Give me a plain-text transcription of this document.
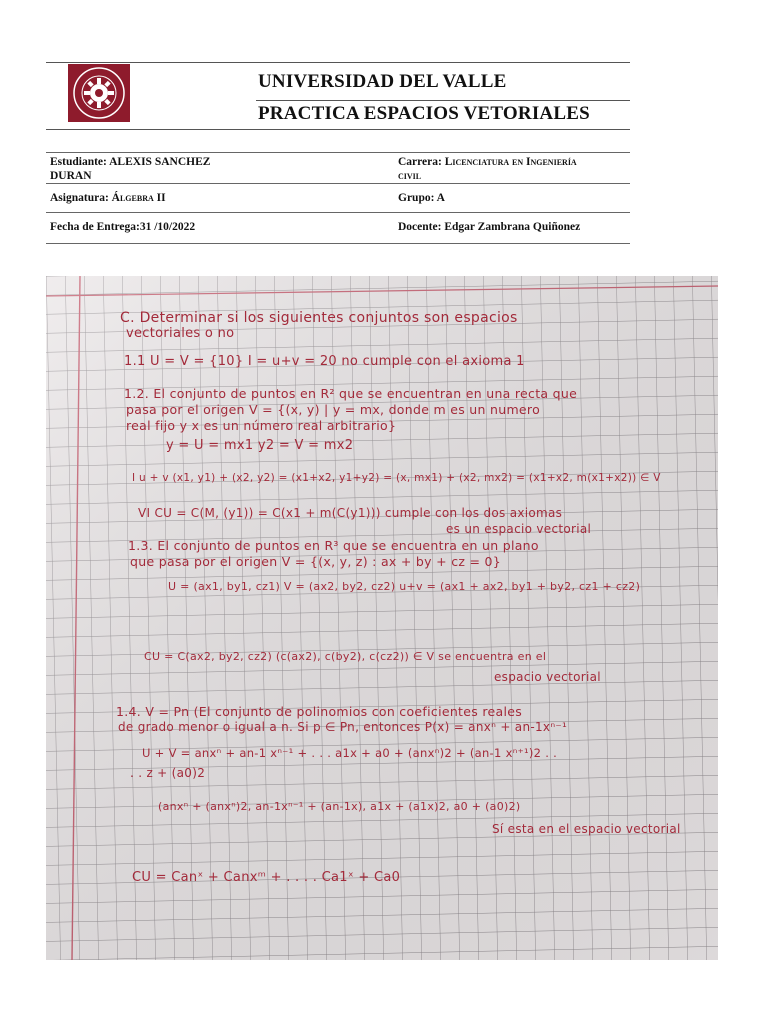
UNIVERSIDAD DEL VALLE
PRACTICA ESPACIOS VETORIALES
Estudiante: ALEXIS SANCHEZ DURAN
Carrera: Licenciatura en Ingeniería civil
Asignatura: Álgebra II	Grupo: A
Fecha de Entrega:31 /10/2022	Docente: Edgar Zambrana Quiñonez
C. Determinar si los siguientes conjuntos son espacios
vectoriales o no
1.1 U = V = {10} I = u+v = 20 no cumple con el axioma 1
1.2. El conjunto de puntos en R² que se encuentran en una recta que
pasa por el origen V = {(x, y) | y = mx, donde m es un numero
real fijo y x es un número real arbitrario}
y = U = mx1 y2 = V = mx2
I u + v (x1, y1) + (x2, y2) = (x1+x2, y1+y2) = (x, mx1) + (x2, mx2) = (x1+x2, m(x1+x2)) ∈ V
VI CU = C(M, (y1)) = C(x1 + m(C(y1))) cumple con los dos axiomas
es un espacio vectorial
1.3. El conjunto de puntos en R³ que se encuentra en un plano
que pasa por el origen V = {(x, y, z) : ax + by + cz = 0}
U = (ax1, by1, cz1) V = (ax2, by2, cz2) u+v = (ax1 + ax2, by1 + by2, cz1 + cz2)
CU = C(ax2, by2, cz2) (c(ax2), c(by2), c(cz2)) ∈ V se encuentra en el
espacio vectorial
1.4. V = Pn (El conjunto de polinomios con coeficientes reales
de grado menor o igual a n. Si p ∈ Pn, entonces P(x) = anxⁿ + an-1xⁿ⁻¹
U + V = anxⁿ + an-1 xⁿ⁻¹ + . . . a1x + a0 + (anxⁿ)2 + (an-1 xⁿ⁺¹)2 . .
. . z + (a0)2
(anxⁿ + (anxⁿ)2, an-1xⁿ⁻¹ + (an-1x), a1x + (a1x)2, a0 + (a0)2)
Sí esta en el espacio vectorial
CU = Canˣ + Canxᵐ + . . . . Ca1ˣ + Ca0
